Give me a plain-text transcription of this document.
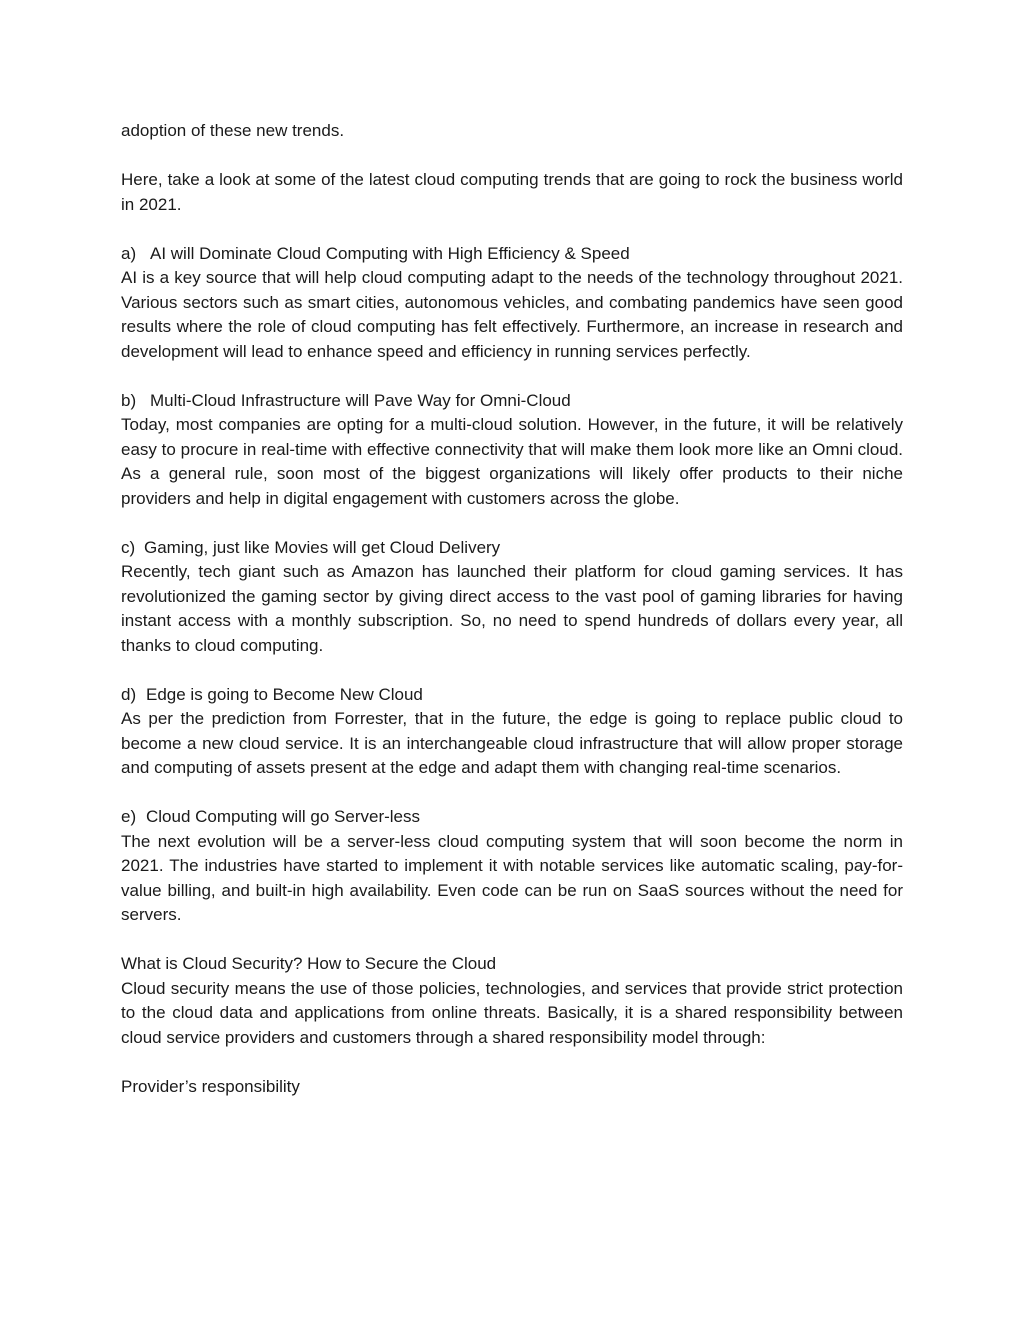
adoption of these new trends.

Here, take a look at some of the latest cloud computing trends that are going to rock the business world in 2021.

a) AI will Dominate Cloud Computing with High Efficiency & Speed

AI is a key source that will help cloud computing adapt to the needs of the technology throughout 2021. Various sectors such as smart cities, autonomous vehicles, and combating pandemics have seen good results where the role of cloud computing has felt effectively. Furthermore, an increase in research and development will lead to enhance speed and efficiency in running services perfectly.

b) Multi-Cloud Infrastructure will Pave Way for Omni-Cloud

Today, most companies are opting for a multi-cloud solution. However, in the future, it will be relatively easy to procure in real-time with effective connectivity that will make them look more like an Omni cloud. As a general rule, soon most of the biggest organizations will likely offer products to their niche providers and help in digital engagement with customers across the globe.

c) Gaming, just like Movies will get Cloud Delivery

Recently, tech giant such as Amazon has launched their platform for cloud gaming services. It has revolutionized the gaming sector by giving direct access to the vast pool of gaming libraries for having instant access with a monthly subscription. So, no need to spend hundreds of dollars every year, all thanks to cloud computing.

d) Edge is going to Become New Cloud

As per the prediction from Forrester, that in the future, the edge is going to replace public cloud to become a new cloud service. It is an interchangeable cloud infrastructure that will allow proper storage and computing of assets present at the edge and adapt them with changing real-time scenarios.

e) Cloud Computing will go Server-less

The next evolution will be a server-less cloud computing system that will soon become the norm in 2021. The industries have started to implement it with notable services like automatic scaling, pay-for-value billing, and built-in high availability. Even code can be run on SaaS sources without the need for servers.

What is Cloud Security? How to Secure the Cloud

Cloud security means the use of those policies, technologies, and services that provide strict protection to the cloud data and applications from online threats. Basically, it is a shared responsibility between cloud service providers and customers through a shared responsibility model through:

Provider’s responsibility
